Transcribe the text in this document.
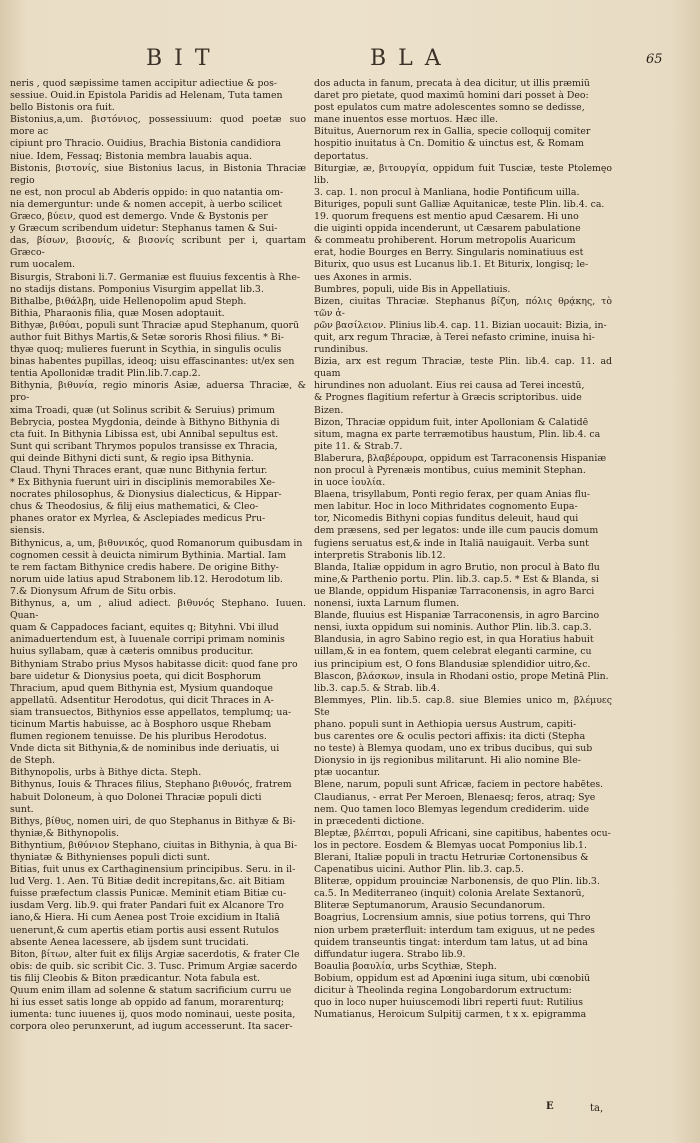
BIT	BLA	65

neris , quod sæpissime tamen accipitur adiectiue & pos-

sessiue. Ouid.in Epistola Paridis ad Helenam, Tuta tamen

bello Bistonis ora fuit.

Bistonius,a,um. βιστόνιος, possessiuum: quod poetæ suo more ac

cipiunt pro Thracio. Ouidius, Brachia Bistonia candidiora

niue. Idem, Fessaq; Bistonia membra lauabis aqua.

Bistonis, βιστονίς, siue Bistonius lacus, in Bistonia Thraciæ regio

ne est, non procul ab Abderis oppido: in quo natantia om-

nia demerguntur: unde & nomen accepit, à uerbo scilicet

Græco, βύειν, quod est demergo. Vnde & Bystonis per

y Græcum scribendum uidetur: Stephanus tamen & Sui-

das, βίσων, βισονίς, & βισονίς scribunt per i, quartam Græco-

rum uocalem.

Bisurgis, Straboni li.7. Germaniæ est fluuius fexcentis à Rhe-

no stadijs distans. Pomponius Visurgim appellat lib.3.

Bithalbe, βιθάλβη, uide Hellenopolim apud Steph.

Bithia, Pharaonis filia, quæ Mosen adoptauit.

Bithyæ, βιθύαι, populi sunt Thraciæ apud Stephanum, quorū

author fuit Bithys Martis,& Setæ sororis Rhosi filius. * Bi-

thyæ quoq; mulieres fuerunt in Scythia, in singulis oculis

binas habentes pupillas, ideoq; uisu effascinantes: ut/ex sen

tentia Apollonidæ tradit Plin.lib.7.cap.2.

Bithynia, βιθυνία, regio minoris Asiæ, aduersa Thraciæ, & pro-

xima Troadi, quæ (ut Solinus scribit & Seruius) primum

Bebrycia, postea Mygdonia, deinde à Bithyno Bithynia di

cta fuit. In Bithynia Libissa est, ubi Annibal sepultus est.

Sunt qui scribant Thrymos populos transisse ex Thracia,

qui deinde Bithyni dicti sunt, & regio ipsa Bithynia.

Claud. Thyni Thraces erant, quæ nunc Bithynia fertur.

* Ex Bithynia fuerunt uiri in disciplinis memorabiles Xe-

nocrates philosophus, & Dionysius dialecticus, & Hippar-

chus & Theodosius, & filij eius mathematici, & Cleo-

phanes orator ex Myrlea, & Asclepiades medicus Pru-

siensis.

Bithynicus, a, um, βιθυνικός, quod Romanorum quibusdam in

cognomen cessit à deuicta nimirum Bythinia. Martial. Iam

te rem factam Bithynice credis habere. De origine Bithy-

norum uide latius apud Strabonem lib.12. Herodotum lib.

7.& Dionysum Afrum de Situ orbis.

Bithynus, a, um , aliud adiect. βιθυνός Stephano. Iuuen. Quan-

quam & Cappadoces faciant, equites q; Bityhni. Vbi illud

animaduertendum est, à Iuuenale corripi primam nominis

huius syllabam, quæ à cæteris omnibus producitur.

Bithyniam Strabo prius Mysos habitasse dicit: quod fane pro

bare uidetur & Dionysius poeta, qui dicit Bosphorum

Thracium, apud quem Bithynia est, Mysium quandoque

appellatū. Adsentitur Herodotus, qui dicit Thraces in A-

siam transuectos, Bithynios esse appellatos, templumq; ua-

ticinum Martis habuisse, ac à Bosphoro usque Rhebam

flumen regionem tenuisse. De his pluribus Herodotus.

Vnde dicta sit Bithynia,& de nominibus inde deriuatis, ui

de Steph.

Bithynopolis, urbs à Bithye dicta. Steph.

Bithynus, Iouis & Thraces filius, Stephano βιθυνός, fratrem

habuit Doloneum, à quo Dolonei Thraciæ populi dicti

sunt.

Bithys, βίθυς, nomen uiri, de quo Stephanus in Bithyæ & Bi-

thyniæ,& Bithynopolis.

Bithyntium, βιθύνιον Stephano, ciuitas in Bithynia, à qua Bi-

thyniatæ & Bithynienses populi dicti sunt.

Bitias, fuit unus ex Carthaginensium principibus. Seru. in il-

lud Verg. 1. Aen. Tū Bitiæ dedit increpitans,&c. ait Bitiam

fuisse præfectum classis Punicæ. Meminit etiam Bitiæ cu-

iusdam Verg. lib.9. qui frater Pandari fuit ex Alcanore Tro

iano,& Hiera. Hi cum Aenea post Troie excidium in Italiā

uenerunt,& cum apertis etiam portis ausi essent Rutulos

absente Aenea lacessere, ab ijsdem sunt trucidati.

Biton, βίτων, alter fuit ex filijs Argiæ sacerdotis, & frater Cle

obis: de quib. sic scribit Cic. 3. Tusc. Primum Argiæ sacerdo

tis filij Cleobis & Biton prædicantur. Nota fabula est.

Quum enim illam ad solenne & statum sacrificium curru ue

hi ius esset satis longe ab oppido ad fanum, morarenturq;

iumenta: tunc iuuenes ij, quos modo nominaui, ueste posita,

corpora oleo perunxerunt, ad iugum accesserunt. Ita sacer-

dos aducta in fanum, precata à dea dicitur, ut illis præmiū

daret pro pietate, quod maximū homini dari posset à Deo:

post epulatos cum matre adolescentes somno se dedisse,

mane inuentos esse mortuos. Hæc ille.

Bituitus, Auernorum rex in Gallia, specie colloquij comiter

hospitio inuitatus à Cn. Domitio & uinctus est, & Romam

deportatus.

Biturgiæ, æ, βιτουργία, oppidum fuit Tusciæ, teste Ptolemęo lib.

3. cap. 1. non procul à Manliana, hodie Pontificum uilla.

Bituriges, populi sunt Galliæ Aquitanicæ, teste Plin. lib.4. ca.

19. quorum frequens est mentio apud Cæsarem. Hi uno

die uiginti oppida incenderunt, ut Cæsarem pabulatione

& commeatu prohiberent. Horum metropolis Auaricum

erat, hodie Bourges en Berry. Singularis nominatiuus est

Biturix, quo usus est Lucanus lib.1. Et Biturix, longisq; le-

ues Axones in armis.

Bumbres, populi, uide Bis in Appellatiuis.

Bizen, ciuitas Thraciæ. Stephanus βίζυη, πόλις θρᾴκης, τὸ τῶν ἀ-

ρῶν βασίλειον. Plinius lib.4. cap. 11. Bizian uocauit: Bizia, in-

quit, arx regum Thraciæ, à Terei nefasto crimine, inuisa hi-

rundinibus.

Bizia, arx est regum Thraciæ, teste Plin. lib.4. cap. 11. ad quam

hirundines non aduolant. Eius rei causa ad Terei incestū,

& Prognes flagitium refertur à Græcis scriptoribus. uide

Bizen.

Bizon, Thraciæ oppidum fuit, inter Apolloniam & Calatidē

situm, magna ex parte terræmotibus haustum, Plin. lib.4. ca

pite 11. & Strab.7.

Blaberura, βλαβέρουρα, oppidum est Tarraconensis Hispaniæ

non procul à Pyrenæis montibus, cuius meminit Stephan.

in uoce ἰουλία.

Blaena, trisyllabum, Ponti regio ferax, per quam Anias flu-

men labitur. Hoc in loco Mithridates cognomento Eupa-

tor, Nicomedis Bithyni copias funditus deleuit, haud qui

dem præsens, sed per legatos: unde ille cum paucis domum

fugiens seruatus est,& inde in Italiā nauigauit. Verba sunt

interpretis Strabonis lib.12.

Blanda, Italiæ oppidum in agro Brutio, non procul à Bato flu

mine,& Parthenio portu. Plin. lib.3. cap.5. * Est & Blanda, si

ue Blande, oppidum Hispaniæ Tarraconensis, in agro Barci

nonensi, iuxta Larnum flumen.

Blande, fluuius est Hispaniæ Tarraconensis, in agro Barcino

nensi, iuxta oppidum sui nominis. Author Plin. lib.3. cap.3.

Blandusia, in agro Sabino regio est, in qua Horatius habuit

uillam,& in ea fontem, quem celebrat eleganti carmine, cu

ius principium est, O fons Blandusiæ splendidior uitro,&c.

Blascon, βλάσκων, insula in Rhodani ostio, prope Metinā Plin.

lib.3. cap.5. & Strab. lib.4.

Blemmyes, Plin. lib.5. cap.8. siue Blemies unico m, βλέμυες Ste

phano. populi sunt in Aethiopia uersus Austrum, capiti-

bus carentes ore & oculis pectori affixis: ita dicti (Stepha

no teste) à Blemya quodam, uno ex tribus ducibus, qui sub

Dionysio in ijs regionibus militarunt. Hi alio nomine Ble-

ptæ uocantur.

Blene, narum, populi sunt Africæ, faciem in pectore habētes.

Claudianus, - errat Per Meroen, Blenaesq; feros, atraq; Sye

nem. Quo tamen loco Blemyas legendum crediderim. uide

in præcedenti dictione.

Bleptæ, βλέπται, populi Africani, sine capitibus, habentes ocu-

los in pectore. Eosdem & Blemyas uocat Pomponius lib.1.

Blerani, Italiæ populi in tractu Hetruriæ Cortonensibus &

Capenatibus uicini. Author Plin. lib.3. cap.5.

Bliteræ, oppidum prouinciæ Narbonensis, de quo Plin. lib.3.

ca.5. In Mediterraneo (inquit) colonia Arelate Sextanorū,

Bliteræ Septumanorum, Arausio Secundanorum.

Boagrius, Locrensium amnis, siue potius torrens, qui Thro

nion urbem præterfluit: interdum tam exiguus, ut ne pedes

quidem transeuntis tingat: interdum tam latus, ut ad bina

diffundatur iugera. Strabo lib.9.

Boaulia βοαυλία, urbs Scythiæ, Steph.

Bobium, oppidum est ad Apœnini iuga situm, ubi cœnobiū

dicitur à Theolinda regina Longobardorum extructum:

quo in loco nuper huiuscemodi libri reperti fuut: Rutilius

Numatianus, Heroicum Sulpitij carmen, t x x. epigramma

E	ta,
